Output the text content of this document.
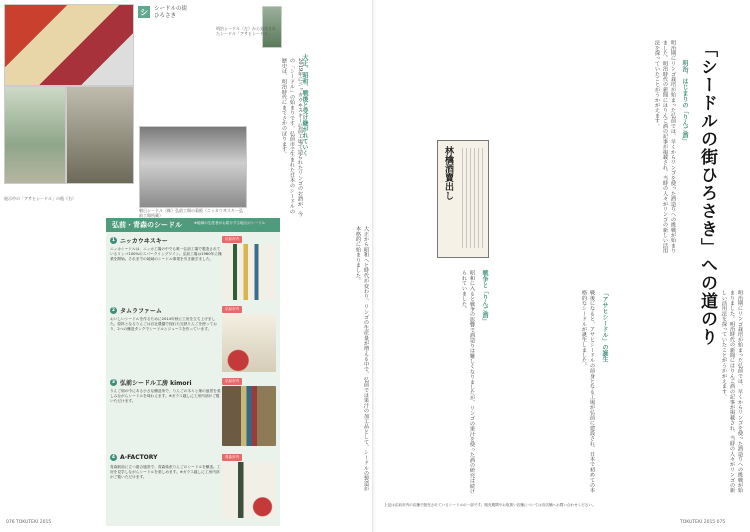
シ	シードルの街
ひろさき
明治シードル（左）から発売されたシードル「アサヒシードル」
展示中の「アサヒシードル」の瓶（右）
朝日シードル（株）弘前工場の看板（ニッカウヰスキー弘前工場所蔵）	2019年にニッカウヰスキー弘前工場で造られたリンゴのお酒が、今の「シードル」の始まりです。弘前市で生まれた日本のシードルの歴史は、明治時代にまでさかのぼります。	大正、昭和、戦後と受け継がれていく
大正から昭和へと時代が変わり、リンゴの生産量が増える中で、弘前では果汁の加工品として、シードルの製造が本格的に始まりました。
弘前・青森のシードル	※地域の生産者がお届けする地元のシードル
1 ニッカウヰスキー	弘前市内
ニッカシードルは、ニッカ工場の中でも唯一弘前工場で製造されているリンゴ100%のスパークリングワイン。弘前工場は1960年に操業を開始。それまでの地域のシードル事業を引き継ぎました。
2 タムラファーム	弘前市内
おいしいシードルを作るために2014年秋に工房を立ち上げました。原料となるりんごは自社農園で採れた完熟りんごを使っており、2つの醸造タンクでシードルとジュースを作っています。
3 弘前シードル工房 kimori	弘前市内
りんご畑の中にある小さな醸造所で、りんごの木々と畑の風景を楽しみながらシードルを味わえます。※ガラス越しに工房内部がご覧いただけます。
4 A-FACTORY	青森市内
青森駅前に立つ複合施設で、青森県産りんごのシードルを醸造。工房を見学しながらシードルを楽しめます。※ガラス越しに工房内部がご覧いただけます。
076 TOKUTEKI 2015
「シードルの街ひろさき」への道のり
明治、はじまりの「りんご酒」
明治期にリンゴ栽培が始まった弘前では、早くからリンゴを使った酒造りへの挑戦が始まりました。明治時代の新聞にはりんご酒の記事が掲載され、当時の人々がリンゴの新しい活用法を探っていたことがうかがえます。
林檎酒賣出し
戦争と「りんご酒」
昭和に入ると戦争の影響で酒造りは難しくなりましたが、リンゴの果汁を使った酒の研究は続けられていました。	「アサヒシードル」の誕生
戦後になると、アサヒシードルの前身となる工場が弘前に建設され、日本で初めての本格的なシードルが誕生しました。	明治期にリンゴ栽培が始まった弘前では、早くからリンゴを使った酒造りへの挑戦が始まりました。明治時代の新聞にはりんご酒の記事が掲載され、当時の人々がリンゴの新しい活用法を探っていたことがうかがえます。
上記は弘前市内の店舗で販売されているシードルの一部です。販売期間やお取扱い店舗については各店舗へお問い合わせください。
TOKUTEKI 2015 075
